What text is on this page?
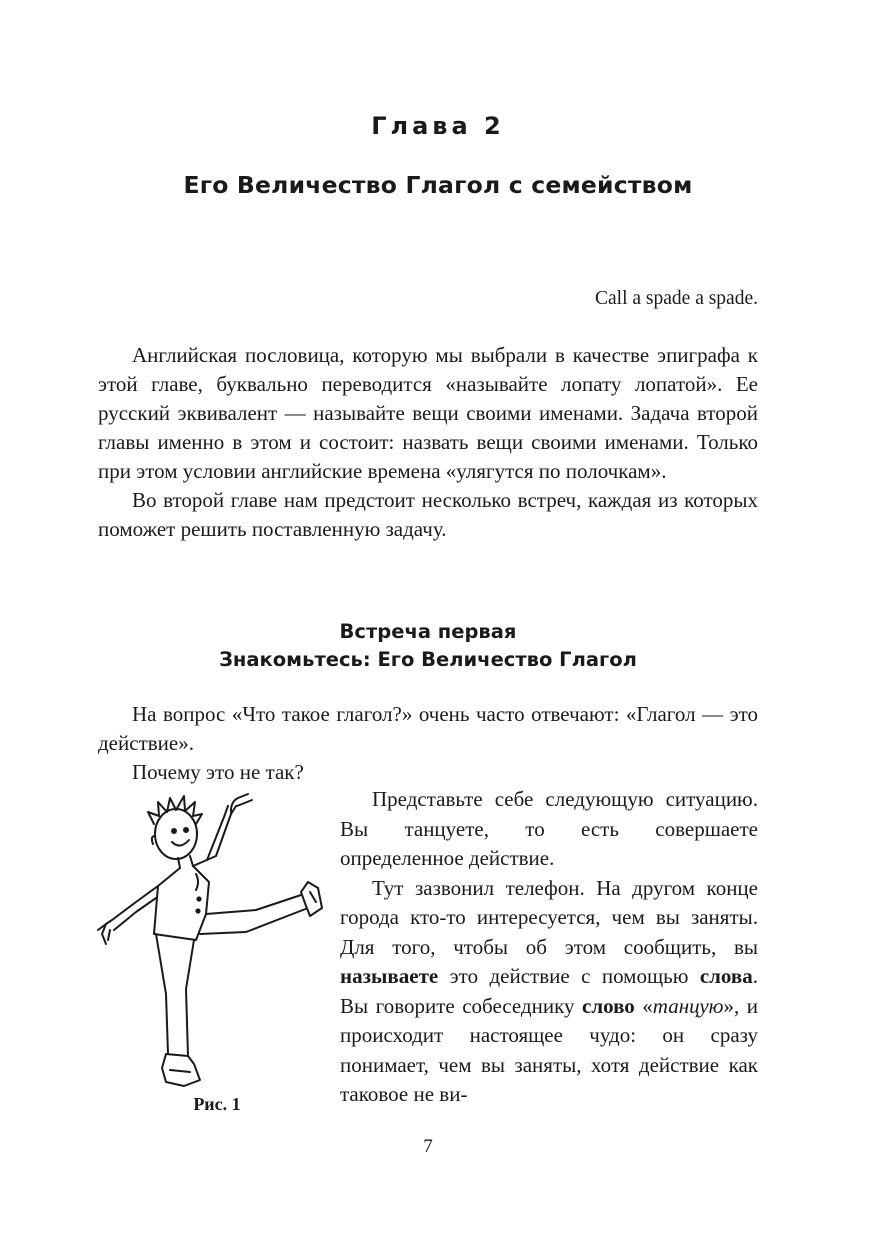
Глава 2
Его Величество Глагол с семейством
Call a spade a spade.

Английская пословица, которую мы выбрали в качестве эпиграфа к этой главе, буквально переводится «называйте лопату лопатой». Ее русский эквивалент — называйте вещи своими именами. Задача второй главы именно в этом и состоит: назвать вещи своими именами. Только при этом условии английские времена «улягутся по полочкам».

Во второй главе нам предстоит несколько встреч, каждая из которых поможет решить поставленную задачу.

Встреча первая
Знакомьтесь: Его Величество Глагол

На вопрос «Что такое глагол?» очень часто отвечают: «Глагол — это действие».

Почему это не так?

Рис. 1

Представьте себе следующую ситуацию. Вы танцуете, то есть совершаете определенное действие.

Тут зазвонил телефон. На другом конце города кто-то интересуется, чем вы заняты. Для того, чтобы об этом сообщить, вы называете это действие с помощью слова. Вы говорите собеседнику слово «танцую», и происходит настоящее чудо: он сразу понимает, чем вы заняты, хотя действие как таковое не ви-

7
